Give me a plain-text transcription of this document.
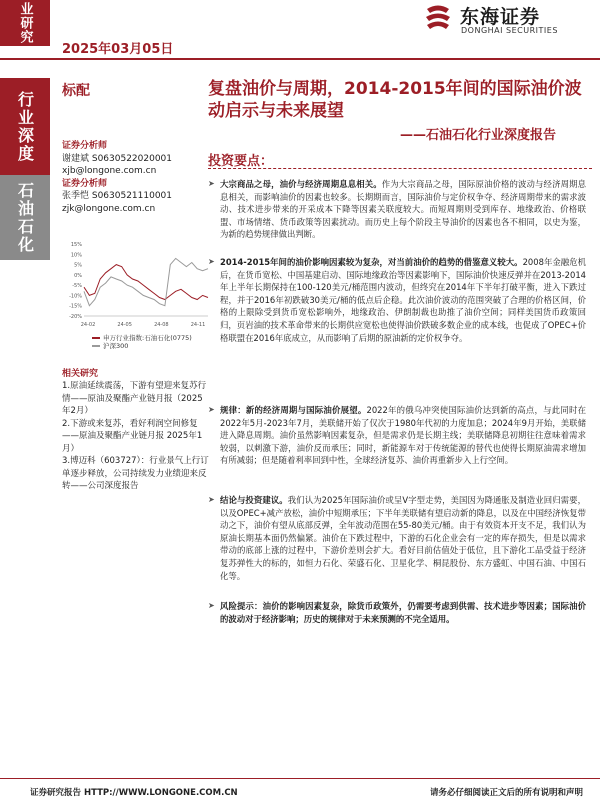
业研究
2025年03月05日
东海证券
DONGHAI SECURITIES
行业深度
石油石化
标配
证券分析师
谢建斌 S0630522020001
xjb@longone.com.cn
证券分析师
张季恺 S0630521110001
zjk@longone.com.cn
15%
10%
5%
0%
-5%
-10%
-15%
-20%
24-02	24-05	24-08	24-11
申万行业指数:石油石化(0775)
沪深300
相关研究
1.原油延续震荡，下游有望迎来复苏行情——原油及聚酯产业链月报（2025年2月）
2.下游或来复苏，看好利润空间修复——原油及聚酯产业链月报 2025年1月）
3.博迈科（603727）：行业景气上行订单逐步释放，公司持续发力业绩迎来反转——公司深度报告
复盘油价与周期，2014-2015年间的国际油价波动启示与未来展望
——石油石化行业深度报告
投资要点：
➤ 大宗商品之母，油价与经济周期息息相关。作为大宗商品之母，国际原油价格的波动与经济周期息息相关，而影响油价的因素也较多。长期期而言，国际油价与定价权争夺、经济周期带来的需求波动、技术进步带来的开采成本下降等因素关联度较大。而短周期则受到库存、地缘政治、价格联盟、市场情绪、货币政策等因素扰动。而历史上每个阶段主导油价的因素也各不相同，以史为鉴，为新的趋势规律做出判断。
➤ 2014-2015年间的油价影响因素较为复杂，对当前油价的趋势的借鉴意义较大。2008年金融危机后，在货币宽松、中国基建启动、国际地缘政治等因素影响下，国际油价快速反弹并在2013-2014年上半年长期保持在100-120美元/桶范围内波动，但终究在2014年下半年打破平衡，进入下跌过程，并于2016年初跌破30美元/桶的低点后企稳。此次油价波动的范围突破了合理的价格区间，价格的上限除受到货币宽松影响外，地缘政治、伊朗制裁也助推了油价空间；同样美国货币政策回归，页岩油的技术革命带来的长期供应宽松也使得油价跌破多数企业的成本线，也促成了OPEC+价格联盟在2016年底成立，从而影响了后期的原油新的定价权争夺。
➤ 规律：新的经济周期与国际油价展望。2022年的俄乌冲突使国际油价达到新的高点，与此同时在2022年5月-2023年7月，美联储开始了仅次于1980年代初的力度加息；2024年9月开始，美联储进入降息周期。油价虽然影响因素复杂，但是需求仍是长期主线；美联储降息初期往往意味着需求较弱，以刺激下游，油价反而承压；同时，新能源车对于传统能源的替代也使得长期原油需求增加有所减弱；但是随着利率回到中性，全球经济复苏、油价再重新步入上行空间。
➤ 结论与投资建议。我们认为2025年国际油价或呈V字型走势，美国因为降通胀及制造业回归需要，以及OPEC+减产放松，油价中短期承压；下半年美联储有望启动新的降息，以及在中国经济恢复带动之下，油价有望从底部反弹，全年波动范围在55-80美元/桶。由于有效资本开支不足，我们认为原油长期基本面仍然偏紧。油价在下跌过程中，下游的石化企业会有一定的库存损失，但是以需求带动的底部上涨的过程中，下游价差则会扩大。看好目前估值处于低位，且下游化工品受益于经济复苏弹性大的标的，如恒力石化、荣盛石化、卫星化学、桐昆股份、东方盛虹、中国石油、中国石化等。
➤ 风险提示：油价的影响因素复杂，除货币政策外，仍需要考虑到供需、技术进步等因素；国际油价的波动对于经济影响；历史的规律对于未来预测的不完全适用。
证券研究报告 HTTP://WWW.LONGONE.COM.CN	请务必仔细阅读正文后的所有说明和声明
